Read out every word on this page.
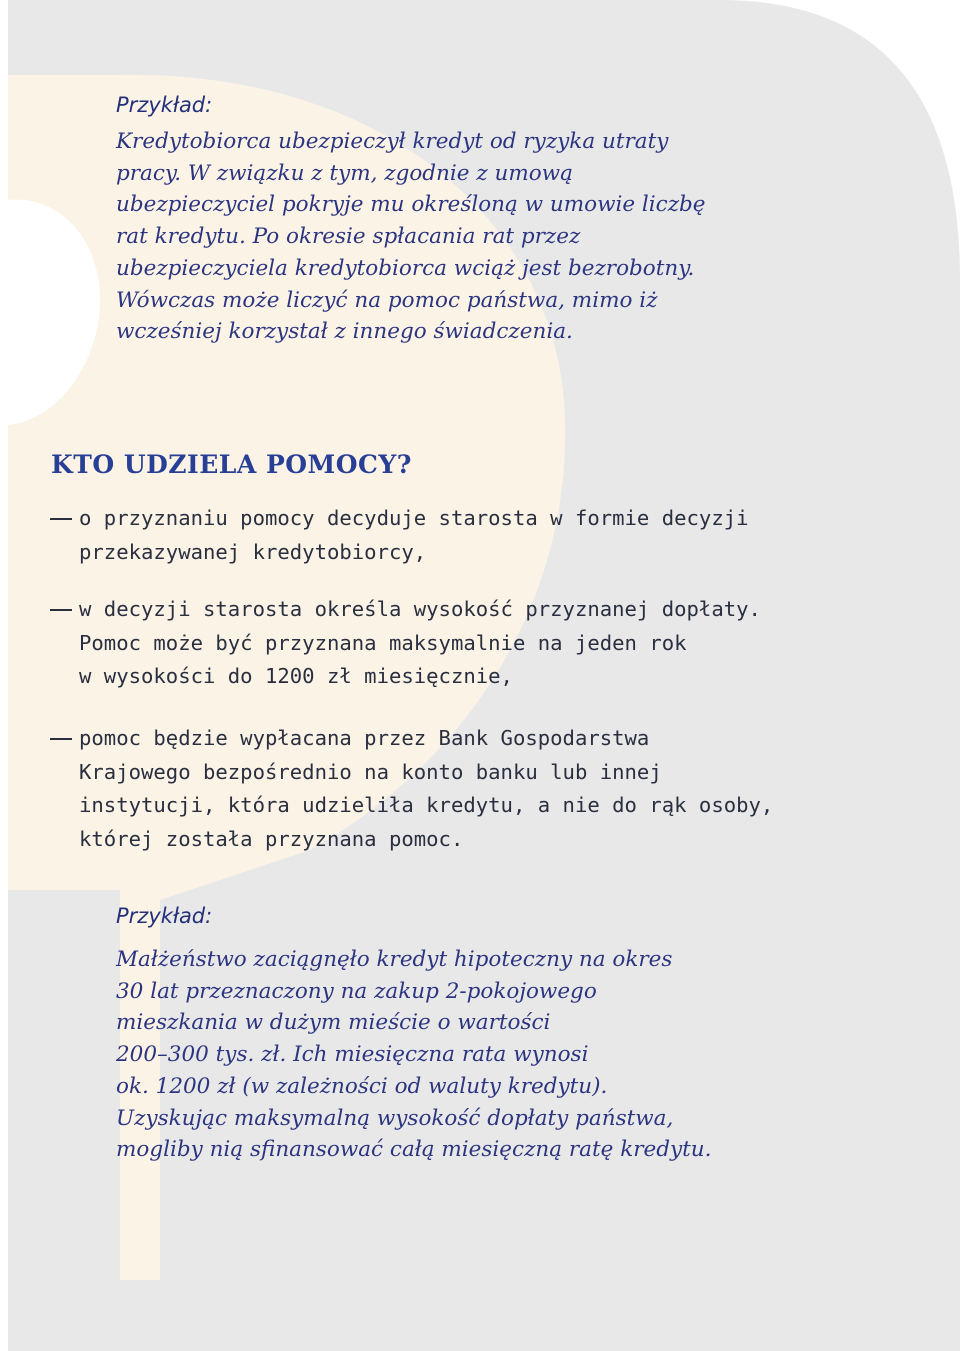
Przykład:
Kredytobiorca ubezpieczył kredyt od ryzyka utraty
pracy. W związku z tym, zgodnie z umową
ubezpieczyciel pokryje mu określoną w umowie liczbę
rat kredytu. Po okresie spłacania rat przez
ubezpieczyciela kredytobiorca wciąż jest bezrobotny.
Wówczas może liczyć na pomoc państwa, mimo iż
wcześniej korzystał z innego świadczenia.
KTO UDZIELA POMOCY?
o przyznaniu pomocy decyduje starosta w formie decyzji
przekazywanej kredytobiorcy,
w decyzji starosta określa wysokość przyznanej dopłaty.
Pomoc może być przyznana maksymalnie na jeden rok
w wysokości do 1200 zł miesięcznie,
pomoc będzie wypłacana przez Bank Gospodarstwa
Krajowego bezpośrednio na konto banku lub innej
instytucji, która udzieliła kredytu, a nie do rąk osoby,
której została przyznana pomoc.
Przykład:
Małżeństwo zaciągnęło kredyt hipoteczny na okres
30 lat przeznaczony na zakup 2-pokojowego
mieszkania w dużym mieście o wartości
200–300 tys. zł. Ich miesięczna rata wynosi
ok. 1200 zł (w zależności od waluty kredytu).
Uzyskując maksymalną wysokość dopłaty państwa,
mogliby nią sfinansować całą miesięczną ratę kredytu.
